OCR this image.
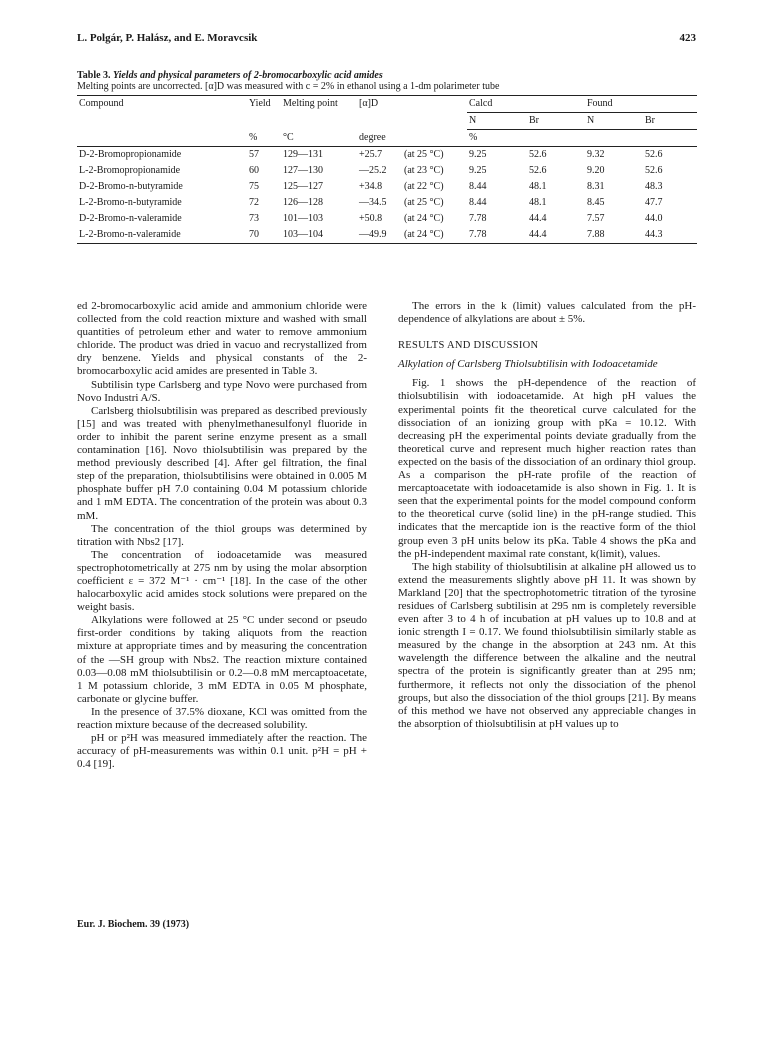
L. Polgár, P. Halász, and E. Moravcsik	423
Table 3. Yields and physical parameters of 2-bromocarboxylic acid amides
Melting points are uncorrected. [α]D was measured with c = 2% in ethanol using a 1-dm polarimeter tube
Compound	Yield	Melting point	[α]D		Calcd		Found	
					N	Br	N	Br
	%	°C	degree		%			
D-2-Bromopropionamide	57	129—131	+25.7	(at 25 °C)	9.25	52.6	9.32	52.6
L-2-Bromopropionamide	60	127—130	—25.2	(at 23 °C)	9.25	52.6	9.20	52.6
D-2-Bromo-n-butyramide	75	125—127	+34.8	(at 22 °C)	8.44	48.1	8.31	48.3
L-2-Bromo-n-butyramide	72	126—128	—34.5	(at 25 °C)	8.44	48.1	8.45	47.7
D-2-Bromo-n-valeramide	73	101—103	+50.8	(at 24 °C)	7.78	44.4	7.57	44.0
L-2-Bromo-n-valeramide	70	103—104	—49.9	(at 24 °C)	7.78	44.4	7.88	44.3

ed 2-bromocarboxylic acid amide and ammonium chloride were collected from the cold reaction mixture and washed with small quantities of petroleum ether and water to remove ammonium chloride. The product was dried in vacuo and recrystallized from dry benzene. Yields and physical constants of the 2-bromocarboxylic acid amides are presented in Table 3.

Subtilisin type Carlsberg and type Novo were purchased from Novo Industri A/S.

Carlsberg thiolsubtilisin was prepared as described previously [15] and was treated with phenylmethanesulfonyl fluoride in order to inhibit the parent serine enzyme present as a small contamination [16]. Novo thiolsubtilisin was prepared by the method previously described [4]. After gel filtration, the final step of the preparation, thiolsubtilisins were obtained in 0.005 M phosphate buffer pH 7.0 containing 0.04 M potassium chloride and 1 mM EDTA. The concentration of the protein was about 0.3 mM.

The concentration of the thiol groups was determined by titration with Nbs2 [17].

The concentration of iodoacetamide was measured spectrophotometrically at 275 nm by using the molar absorption coefficient ε = 372 M⁻¹ · cm⁻¹ [18]. In the case of the other halocarboxylic acid amides stock solutions were prepared on the weight basis.

Alkylations were followed at 25 °C under second or pseudo first-order conditions by taking aliquots from the reaction mixture at appropriate times and by measuring the concentration of the —SH group with Nbs2. The reaction mixture contained 0.03—0.08 mM thiolsubtilisin or 0.2—0.8 mM mercaptoacetate, 1 M potassium chloride, 3 mM EDTA in 0.05 M phosphate, carbonate or glycine buffer.

In the presence of 37.5% dioxane, KCl was omitted from the reaction mixture because of the decreased solubility.

pH or p²H was measured immediately after the reaction. The accuracy of pH-measurements was within 0.1 unit. p²H = pH + 0.4 [19].

The errors in the k (limit) values calculated from the pH-dependence of alkylations are about ± 5%.

RESULTS AND DISCUSSION

Alkylation of Carlsberg Thiolsubtilisin with Iodoacetamide

Fig. 1 shows the pH-dependence of the reaction of thiolsubtilisin with iodoacetamide. At high pH values the experimental points fit the theoretical curve calculated for the dissociation of an ionizing group with pKa = 10.12. With decreasing pH the experimental points deviate gradually from the theoretical curve and represent much higher reaction rates than expected on the basis of the dissociation of an ordinary thiol group. As a comparison the pH-rate profile of the reaction of mercaptoacetate with iodoacetamide is also shown in Fig. 1. It is seen that the experimental points for the model compound conform to the theoretical curve (solid line) in the pH-range studied. This indicates that the mercaptide ion is the reactive form of the thiol group even 3 pH units below its pKa. Table 4 shows the pKa and the pH-independent maximal rate constant, k(limit), values.

The high stability of thiolsubtilisin at alkaline pH allowed us to extend the measurements slightly above pH 11. It was shown by Markland [20] that the spectrophotometric titration of the tyrosine residues of Carlsberg subtilisin at 295 nm is completely reversible even after 3 to 4 h of incubation at pH values up to 10.8 and at ionic strength I = 0.17. We found thiolsubtilisin similarly stable as measured by the change in the absorption at 243 nm. At this wavelength the difference between the alkaline and the neutral spectra of the protein is significantly greater than at 295 nm; furthermore, it reflects not only the dissociation of the phenol groups, but also the dissociation of the thiol groups [21]. By means of this method we have not observed any appreciable changes in the absorption of thiolsubtilisin at pH values up to

Eur. J. Biochem. 39 (1973)
